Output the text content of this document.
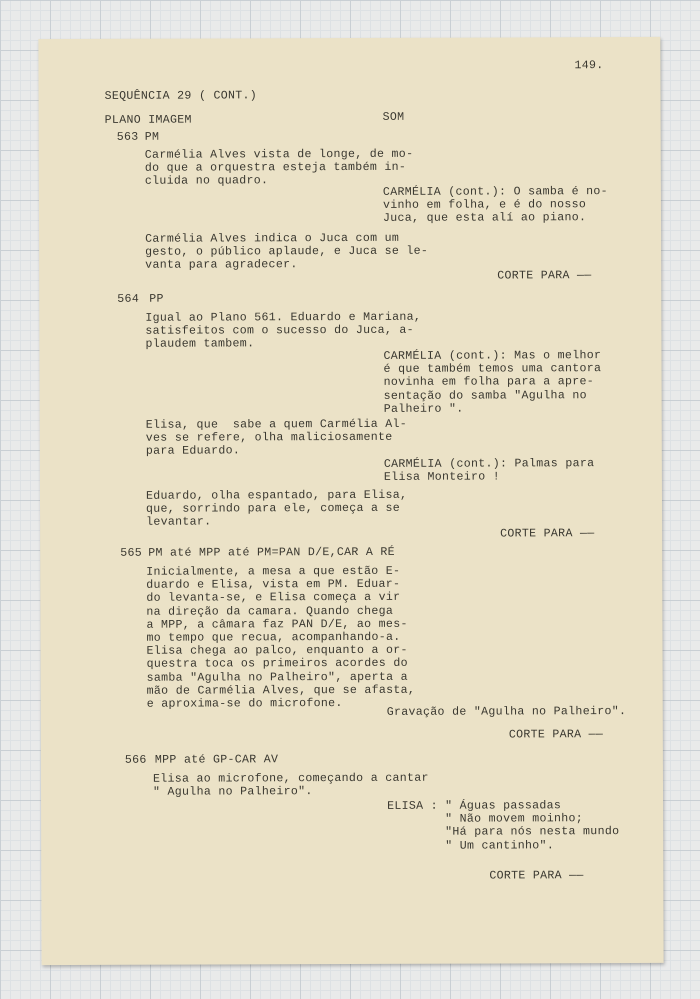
149.
SEQUÊNCIA 29 ( CONT.)
PLANO IMAGEM	SOM
563 PM
Carmélia Alves vista de longe, de mo-
do que a orquestra esteja também in-
cluida no quadro.
CARMÉLIA (cont.): O samba é no-
vinho em folha, e é do nosso
Juca, que esta alí ao piano.
Carmélia Alves indica o Juca com um
gesto, o público aplaude, e Juca se le-
vanta para agradecer.
CORTE PARA ——
564 PP
Igual ao Plano 561. Eduardo e Mariana,
satisfeitos com o sucesso do Juca, a-
plaudem tambem.
CARMÉLIA (cont.): Mas o melhor
é que também temos uma cantora
novinha em folha para a apre-
sentação do samba "Agulha no
Palheiro ".
Elisa, que  sabe a quem Carmélia Al-
ves se refere, olha maliciosamente
para Eduardo.
CARMÉLIA (cont.): Palmas para
Elisa Monteiro !
Eduardo, olha espantado, para Elisa,
que, sorrindo para ele, começa a se
levantar.
CORTE PARA ——
565 PM até MPP até PM=PAN D/E,CAR A RÉ
Inicialmente, a mesa a que estão E-
duardo e Elisa, vista em PM. Eduar-
do levanta-se, e Elisa começa a vir
na direção da camara. Quando chega
a MPP, a câmara faz PAN D/E, ao mes-
mo tempo que recua, acompanhando-a.
Elisa chega ao palco, enquanto a or-
questra toca os primeiros acordes do
samba "Agulha no Palheiro", aperta a
mão de Carmélia Alves, que se afasta,
e aproxima-se do microfone.
Gravação de "Agulha no Palheiro".
CORTE PARA ——
566 MPP até GP-CAR AV
Elisa ao microfone, começando a cantar
" Agulha no Palheiro".
ELISA : " Águas passadas
" Não movem moinho;
"Há para nós nesta mundo
" Um cantinho".
CORTE PARA ——
